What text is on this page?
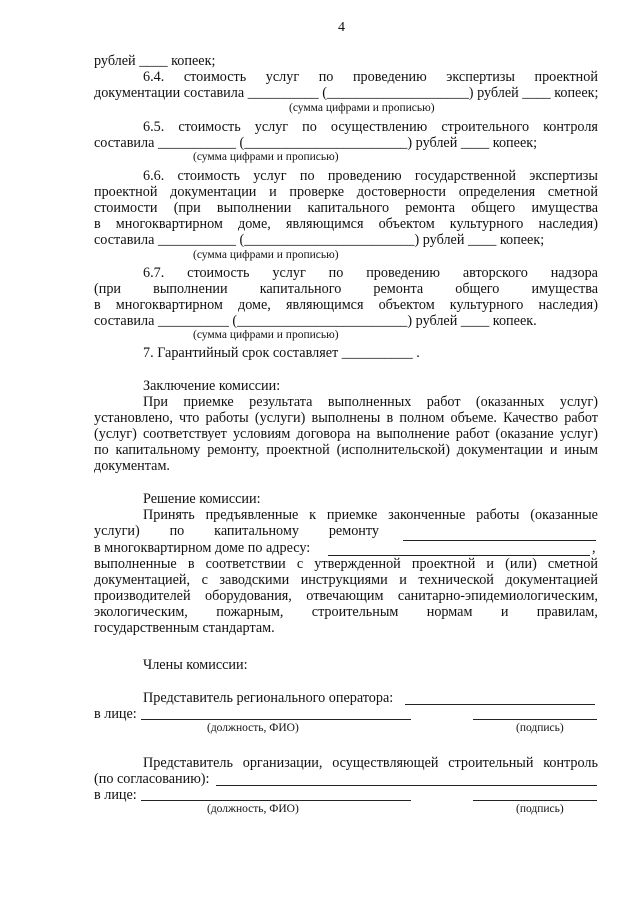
4
рублей ____ копеек;
6.4. стоимость услуг по проведению экспертизы проектной
документации составила
__________
(____________________)
рублей
____
копеек;
(сумма цифрами и прописью)
6.5. стоимость услуг по осуществлению строительного контроля
составила ___________ (_______________________) рублей ____ копеек;
(сумма цифрами и прописью)
6.6. стоимость услуг по проведению государственной экспертизы
проектной документации и проверке достоверности определения сметной
стоимости (при выполнении капитального ремонта общего имущества
в многоквартирном доме, являющимся объектом культурного наследия)
составила ___________ (________________________) рублей ____ копеек;
(сумма цифрами и прописью)
6.7. стоимость услуг по проведению авторского надзора
(при выполнении капитального ремонта общего имущества
в многоквартирном доме, являющимся объектом культурного наследия)
составила __________ (________________________) рублей ____ копеек.
(сумма цифрами и прописью)
7. Гарантийный срок составляет __________ .
Заключение комиссии:
При приемке результата выполненных работ (оказанных услуг)
установлено, что работы (услуги) выполнены в полном объеме. Качество работ
(услуг) соответствует условиям договора на выполнение работ (оказание услуг)
по капитальному ремонту, проектной (исполнительской) документации и иным
документам.
Решение комиссии:
Принять предъявленные к приемке законченные работы (оказанные
услуги) по капитальному ремонту
в многоквартирном доме по адресу:	,
выполненные в соответствии с утвержденной проектной и (или) сметной
документацией, с заводскими инструкциями и технической документацией
производителей оборудования, отвечающим санитарно-эпидемиологическим,
экологическим, пожарным, строительным нормам и правилам,
государственным стандартам.
Члены комиссии:
Представитель регионального оператора:
в лице:
(должность, ФИО)	(подпись)
Представитель организации, осуществляющей строительный контроль
(по согласованию):
в лице:
(должность, ФИО)	(подпись)
